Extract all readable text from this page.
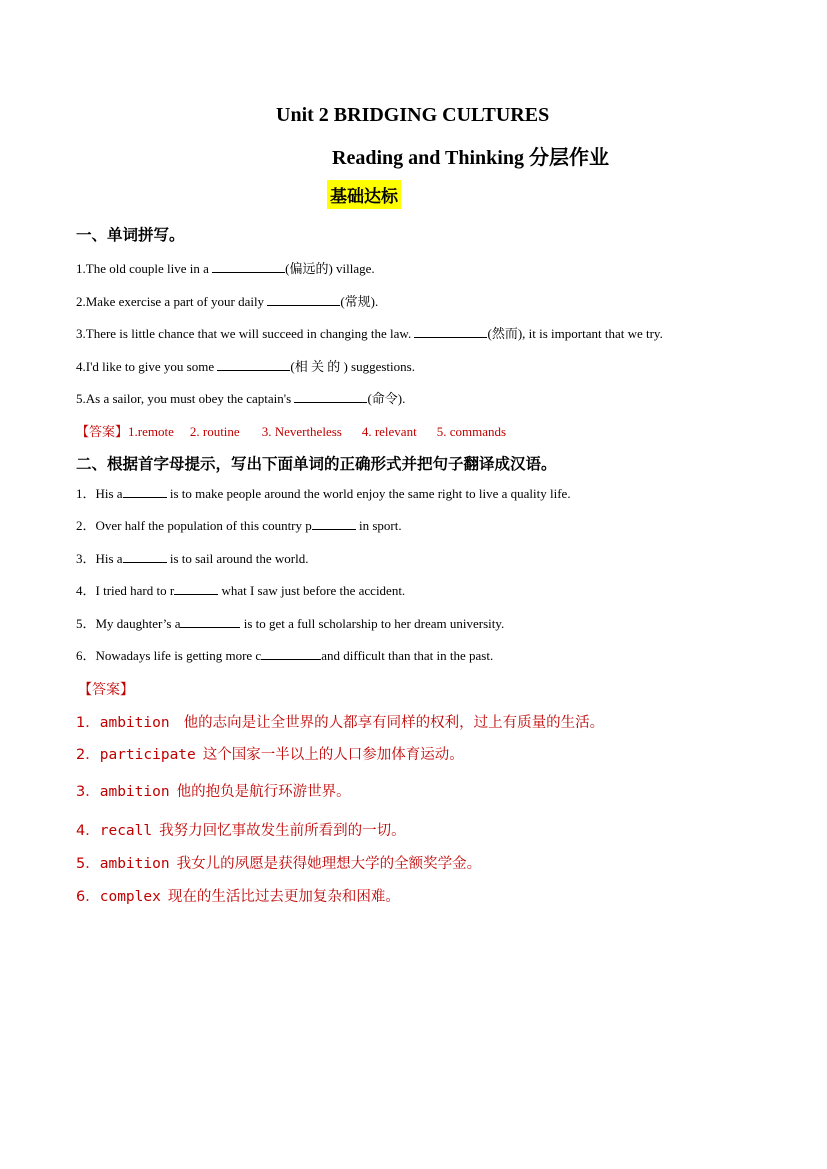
Unit 2 BRIDGING CULTURES
Reading and Thinking 分层作业
基础达标
一、单词拼写。
1.The old couple live in a	(偏远的) village.
2.Make exercise a part of your daily	(常规).
3.There is little chance that we will succeed in changing the law.	(然而), it is important that we try.
4.I'd like to give you some	(相 关 的 ) suggestions.
5.As a sailor, you must obey the captain's	(命令).
【答案】1.remote 2. routine 3. Nevertheless 4. relevant 5. commands
二、根据首字母提示，写出下面单词的正确形式并把句子翻译成汉语。
1．His a	is to make people around the world enjoy the same right to live a quality life.
2．Over half the population of this country p	in sport.
3．His a	is to sail around the world.
4．I tried hard to r	what I saw just before the accident.
5．My daughter’s a	is to get a full scholarship to her dream university.
6．Nowadays life is getting more c	and difficult than that in the past.
【答案】
1．ambition 他的志向是让全世界的人都享有同样的权利，过上有质量的生活。
2．participate 这个国家一半以上的人口参加体育运动。
3．ambition 他的抱负是航行环游世界。
4．recall 我努力回忆事故发生前所看到的一切。
5．ambition 我女儿的夙愿是获得她理想大学的全额奖学金。
6．complex 现在的生活比过去更加复杂和困难。
